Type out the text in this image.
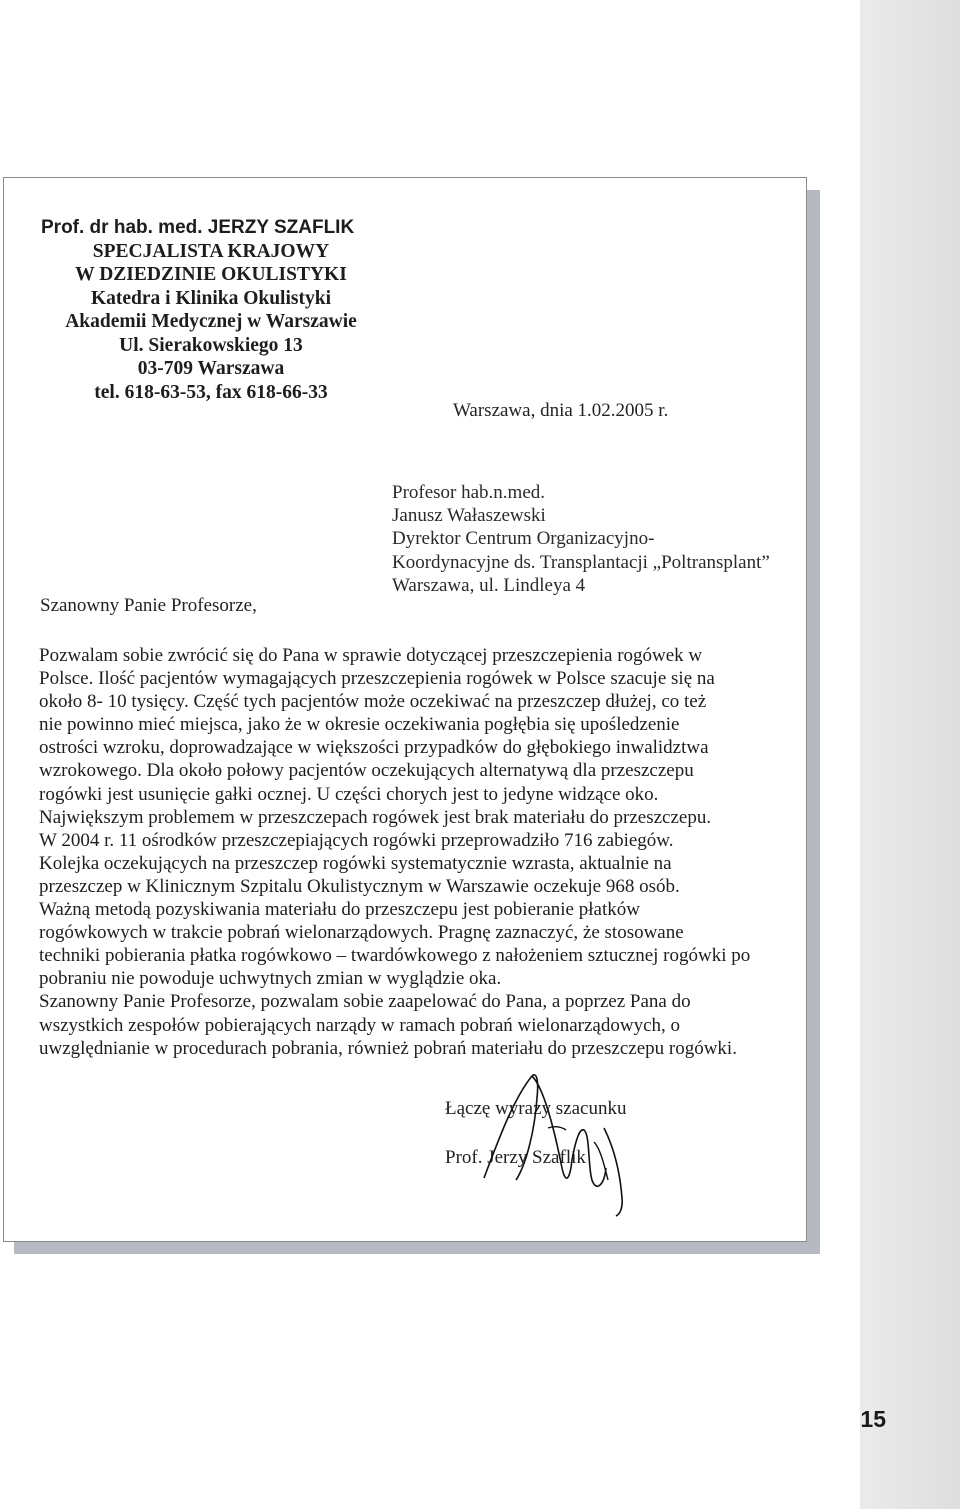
Prof. dr hab. med. JERZY SZAFLIK
SPECJALISTA KRAJOWY
W DZIEDZINIE OKULISTYKI
Katedra i Klinika Okulistyki
Akademii Medycznej w Warszawie
Ul. Sierakowskiego 13
03-709 Warszawa
tel. 618-63-53, fax 618-66-33
Warszawa, dnia 1.02.2005 r.
Profesor hab.n.med.
Janusz Wałaszewski
Dyrektor Centrum Organizacyjno-
Koordynacyjne ds. Transplantacji „Poltransplant”
Warszawa, ul. Lindleya 4
Szanowny Panie Profesorze,
Pozwalam sobie zwrócić się do Pana w sprawie dotyczącej przeszczepienia rogówek w
Polsce. Ilość pacjentów wymagających przeszczepienia rogówek w Polsce szacuje się na
około 8- 10 tysięcy. Część tych pacjentów może oczekiwać na przeszczep dłużej, co też
nie powinno mieć miejsca, jako że w okresie oczekiwania pogłębia się upośledzenie
ostrości wzroku, doprowadzające w większości przypadków do głębokiego inwalidztwa
wzrokowego. Dla około połowy pacjentów oczekujących alternatywą dla przeszczepu
rogówki jest usunięcie gałki ocznej. U części chorych jest to jedyne widzące oko.
Największym problemem w przeszczepach rogówek jest brak materiału do przeszczepu.
W 2004 r. 11 ośrodków przeszczepiających rogówki przeprowadziło 716 zabiegów.
Kolejka oczekujących na przeszczep rogówki systematycznie wzrasta, aktualnie na
przeszczep w Klinicznym Szpitalu Okulistycznym w Warszawie oczekuje 968 osób.
Ważną metodą pozyskiwania materiału do przeszczepu jest pobieranie płatków
rogówkowych w trakcie pobrań wielonarządowych. Pragnę zaznaczyć, że stosowane
techniki pobierania płatka rogówkowo – twardówkowego z nałożeniem sztucznej rogówki po
pobraniu nie powoduje uchwytnych zmian w wyglądzie oka.
Szanowny Panie Profesorze, pozwalam sobie zaapelować do Pana, a poprzez Pana do
wszystkich zespołów pobierających narządy w ramach pobrań wielonarządowych, o
uwzględnianie w procedurach pobrania, również pobrań materiału do przeszczepu rogówki.
Łączę wyrazy szacunku
Prof. Jerzy Szaflik
15
